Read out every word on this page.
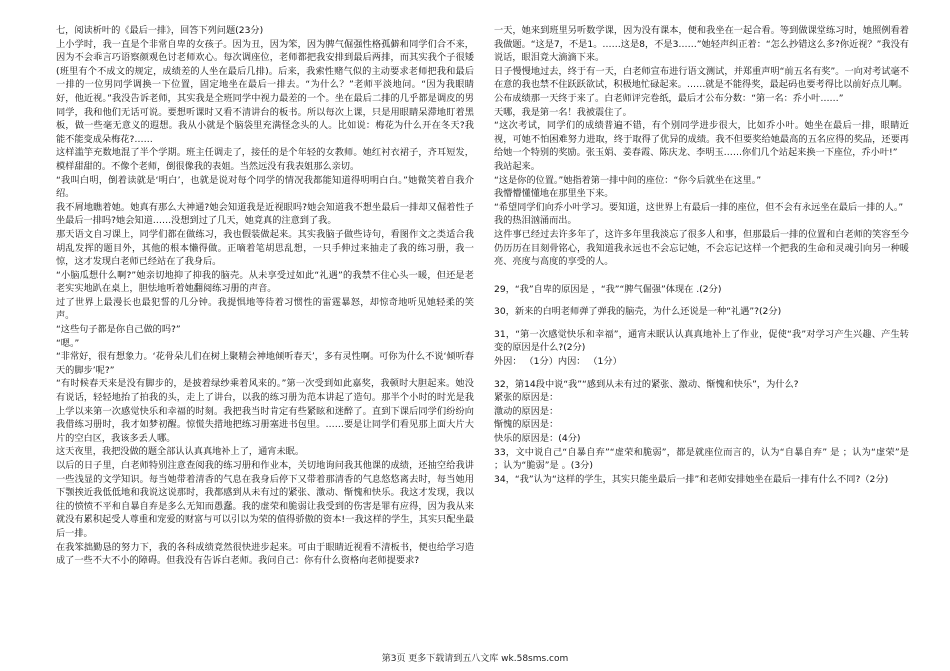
七，阅读析叶的《最后一排》，回答下列问题(23分)

上小学时，我一直是个非常自卑的女孩子。因为丑，因为笨，因为脾气倔强性格孤僻和同学们合不来，因为不会乖言巧语察颜观色讨老师欢心。每次调座位，老师都把我安排到最后两排，而其实我个子很矮(班里有个不成文的规定，成绩差的人坐在最后几排)。后来，我索性赌气似的主动要求老师把我和最后一排的一位男同学调换一下位置，固定地坐在最后一排去。“为什么？”老师平淡地问。“因为我眼睛好，他近视。”我没告诉老师，其实我是全班同学中视力最差的一个。坐在最后二排的几乎都是调皮的男同学，我和他们无话可说。要想听课时又看不清讲台的板书。所以每次上课，只是用眼睛呆滞地盯着黑板，做一些毫无意义的遐想。我从小就是个脑袋里充满怪念头的人。比如说：梅花为什么开在冬天?我能不能变成朵梅花?……

这样滥竽充数地混了半个学期。班主任调走了，接任的是个年轻的女教师。她红衬衣裙子，齐耳短发，模样甜甜的。不像个老师，倒很像我的表姐。当然远没有我表姐那么亲切。

“我叫白明，倒着读就是‘明白’，也就是说对每个同学的情况我都能知道得明明白白。”她微笑着自我介绍。

我不屑地瞧着她。她真有那么大神通?她会知道我是近视眼吗?她会知道我不想坐最后一排却又倔着性子坐最后一排吗?她会知道……没想到过了几天，她竟真的注意到了我。

那天语文自习课上，同学们都在做练习，我也假装做起来。其实我脑子做些诗句，看图作文之类适合我胡乱发挥的题目外，其他的根本懒得做。正嘀着笔胡思乱想，一只手伸过来抽走了我的练习册，我一惊，这才发现白老师已经站在了我身后。

“小脑瓜想什么啊?”她亲切地抑了抑我的脑壳。从未享受过如此“礼遇”的我禁不住心头一暖，但还是老老实实地趴在桌上，胆怯地听着她翻阅练习册的声音。

过了世界上最漫长也最犯誓的几分钟。我提惧地等待着习惯性的雷霆暴怒，却惊奇地听见她轻柔的笑声。

“这些句子都是你自己做的吗?”

“嗯。”

“非常好，很有想象力。‘花骨朵儿们在树上聚精会神地倾听春天’，多有灵性啊。可你为什么不说‘倾听春天的脚步’呢?”

“有时候春天来是没有脚步的，是披着绿纱乘着风来的。”第一次受到如此嘉奖，我顿时大胆起来。她没有说话，轻轻地抬了拍我的头，走上了讲台，以我的练习册为范本讲起了造句。那半个小时的时光是我上学以来第一次感觉快乐和幸福的时刻。我把我当时肯定有些紧眩和迷醉了。直到下课后同学们纷纷向我借练习册时，我才如梦初醒。惊慌失措地把练习册塞进书包里。……要是让同学们看见那上面大片大片的空白区，我该多丢人哪。

这天夜里，我把没做的题全部认认真真地补上了，通宵未眠。

以后的日子里，白老师特别注意查阅我的练习册和作业本，关切地询问我其他课的成绩，还抽空给我讲一些浅显的文学知识。每当她带着清香的气息在我身后停下又带着那清香的气息悠悠离去时，每当她用下颚挨近我低低地和我说这说那时，我都感到从未有过的紧张、激动、惭愧和快乐。我这才发现，我以往的愤愤不平和自暴自弃是多么无知而愚蠢。我的虚荣和脆弱让我受到的伤害是罪有应得，因为我从来就没有累积起受人尊重和宠爱的财富与可以引以为荣的值得骄傲的资本!一我这样的学生，其实只配坐最后一排。

在我笨拙勤恳的努力下，我的各科成绩竟然很快进步起来。可由于眼睛近视看不清板书，便也给学习造成了一些不大不小的障碍。但我没有告诉白老师。我问自己：你有什么资格向老师提要求?

一天，她来到班里另听数学课，因为没有课本，便和我坐在一起合看。等到做课堂练习时，她照例看着我做题。“这是7，不是1。……这是8，不是3……”她轻声纠正着：“怎么抄错这么多?你近视？”我没有说话，眼泪竟大滴滴下来。

日子慢慢地过去，终于有一天，白老师宣布进行语文测试，并郑重声明“前五名有奖”。一向对考试毫不在意的我也禁不住跃跃欲试，积极地忙碌起来。……就是不能得奖，最起码也要考得比以前好点儿啊。

公布成绩那一天终于来了。白老师评完卷纸，最后才公布分数：“第一名：乔小叶……”

天哪，我是第一名！我被震住了。

“这次考试，同学们的成绩普遍不错，有个别同学进步很大，比如乔小叶。她坐在最后一排，眼睛近视，可她不怕困难努力进取，终于取得了优异的成绩。我不但要奖给她最高的五名应得的奖品，还要再给她一个特别的奖励。张玉娟、姜春霞、陈庆龙、李明玉……你们几个站起来换一下座位，乔小叶!”

我站起来。

“这是你的位置。”她指着第一排中间的座位：“你今后就坐在这里。”

我懵懵懂懂地在那里坐下来。

“希望同学们向乔小叶学习。要知道，这世界上有最后一排的座位，但不会有永远坐在最后一排的人。”

我的热泪汹涌而出。

这件事已经过去许多年了，这许多年里我淡忘了很多人和事，但那最后一排的位置和白老师的笑容至今仍历历在目刻骨铭心，我知道我永远也不会忘记她，不会忘记这样一个把我的生命和灵魂引向另一种暖亮、亮度与高度的享受的人。

29，“我”自卑的原因是 ，“我”“脾气倔强”体现在 .(2分)

30，新来的白明老师弹了弹我的脑壳，为什么还说是一种“礼遇”?(2分)

31，“第一次感觉快乐和幸福”，通宵未眠认认真真地补上了作业，促使“我”对学习产生兴趣、产生转变的原因是什么?(2分)

外因： （1分）内因： （1分）

32，第14段中说“我”“感到从未有过的紧张、激动、惭愧和快乐”，为什么?

紧张的原因是：

激动的原因是：

惭愧的原因是：

快乐的原因是：(4分)

33，文中说自己“自暴自弃”“虚荣和脆弱”，都是就座位而言的，认为“自暴自弃” 是 ；认为“虚荣”是 ；认为“脆弱”是 。(3分)

34，“我”认为“这样的学生，其实只能坐最后一排”和老师安排她坐在最后一排有什么不同?（2分)

第3页 更多下载请到五八文库 wk.58sms.com
